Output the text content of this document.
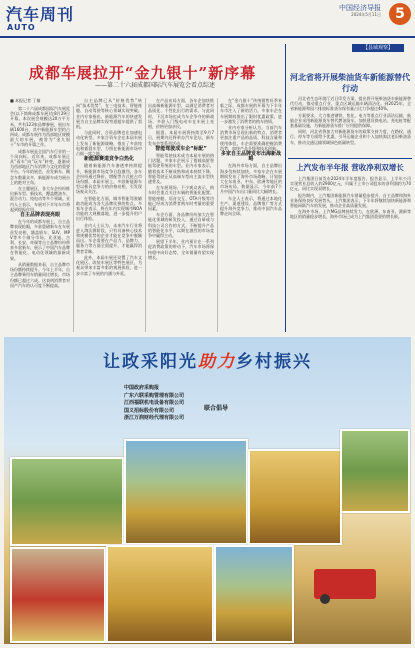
汽车周刊
AUTO
中国经济导报
2024年5月11日	5
成都车展拉开“金九银十”新序幕
——第二十六届成都国际汽车展览会看点综述
■ 本报记者 丁楠

第二十六届成都国际汽车展览会(以下简称成都车展)在8月29日开幕。本次展会规模达20万平方米，共有123家品牌参展，展出车辆1600台，其中新能源车型约占四成。成都车展作为西部地区规模最大的车展，被誉为“金九银十”车市的开篇之作。

成都车展是全国汽车行业的一个风向标。近年来，成都车展正从“看车”向“玩车”转变，逐渐成为西部地区汽车消费与文化的重要平台。今年的展会，首发新车、概念车数量众多，新能源车成为展台上的绝对主角。

在主题展区，各大车企纷纷推出新车型、新技术，覆盖燃油车、混合动力、纯电动等多个领域。业内人士表示，车展对下半年车市将起到提振作用。

自主品牌表现亮眼

在今年的成都车展上，自主品牌表现抢眼，多款重磅新车在车展首发亮相，涵盖轿车、SUV、MPV等多个细分市场。比亚迪、吉利、长安、奇瑞等自主品牌纷纷带来多款新车，展示了中国汽车品牌在智能化、电动化领域的最新成果。

从销量数据来看，自主品牌市场份额持续提升。今年上半年，自主品牌乘用车销量同比增长，市场份额已超过六成。这表明消费者对国产汽车的认可度不断提高。

自主品牌已从“价格优势”转向“技术优势”，在三电技术、智能座舱、自动驾驶等核心领域实现突破。业内专家指出，新能源汽车的快速发展为自主品牌实现弯道超车提供了契机。

与此同时，合资品牌也在加速电动化转型。多家合资车企在本届车展上发布了新能源战略，推出了多款纯电和插混车型，力图在新能源市场中占据一席之地。

新能源赛道竞争白热化

随着新能源汽车渗透率持续提升，新能源市场竞争日趋激烈。各车企纷纷通过降价、增配等方式抢占市场份额。本届车展上，多款新能源车型以极具竞争力的价格亮相，引发现场观众关注。

在智能化方面，城市智能驾驶辅助功能成为各大品牌比拼的焦点。多家车企表示，将在年内实现城市NOA功能的大规模落地，进一步提升用户出行体验。

业内人士认为，未来汽车行业将进入淘汰赛阶段，只有具备核心技术和规模优势的企业才能在竞争中脱颖而出。车企需要在产品力、品牌力、服务力等方面全面提升，才能赢得消费者青睐。

此外，本届车展还设置了汽车文化展区、改装车展区等特色展区，为观众带来丰富多彩的观展体验，进一步丰富了车展的内涵与外延。

在产品布局方面，各车企加快推出高端新能源车型，以满足消费者对品质化、个性化出行的需求。与此同时，下沉市场也成为车企争夺的新战场，多款入门级电动车在车展上亮相，价格更加亲民。

据悉，本届车展将持续至9月7日，展期内还将举办汽车论坛、新车发布会等系列活动。

智能驾驶成车企“标配”

智能驾驶技术成为本届车展的热门话题。多家车企展示了搭载高阶智能驾驶系统的车型。业内专家表示，随着技术不断成熟和成本持续下降，智能驾驶正从高端车型向主流车型快速普及。

在车展现场，不少观众表示，购车时会重点关注车辆的智能化配置。智能座舱、语音交互、OTA升级等功能已经成为消费者购车时考量的重要因素。

车企方面，各品牌纷纷加大在智能化领域的研发投入，通过自研或与科技公司合作的方式，不断提升产品的智能化水平，以期在激烈的市场竞争中赢得主动。

展望下半年，业内预计在一系列促消费政策的带动下，汽车市场将保持稳中向好态势，全年销量有望实现增长。

在“金九银十”传统销售旺季来临之际，成都车展的开幕为下半年车市注入了新的活力。多家车企在车展期间推出了限时优惠政策，进一步激发了消费者的购车热情。

业内专家分析认为，当前汽车消费市场呈现出新的特点，消费者更加注重产品的品质、科技含量和使用体验。车企需要准确把握消费趋势，加快产品升级和技术创新。

多家自主品牌发布出海新战略

在海外市场方面，自主品牌出海步伐持续加快。多家车企在车展期间发布了海外市场战略，计划加大在东南亚、中东、欧洲等地区的市场布局。数据显示，今年前7个月中国汽车出口量同比大幅增长。

车企人士表示，将通过本地化生产、渠道建设、品牌推广等方式提升海外竞争力，推动中国汽车品牌走向全球。

【县域观察】
河北省将开展柴油货车新能源替代行动

河北省生态环境厅近日印发方案，提出将开展柴油货车新能源替代行动，推动重点行业、重点区域运输车辆清洁化。到2025年，全省新能源和国六排放标准货车保有量占比力争超过40%。

方案要求，大力推进钢铁、焦化、电力等重点行业清洁运输，鼓励企业采用新能源货车替代燃油货车。加快建设换电站、充电桩等配套基础设施，为新能源货车推广应用提供保障。

同时，河北省将加大对新能源货车的政策支持力度，在路权、通行、停车等方面给予优惠，引导运输企业和个人加快淘汰老旧柴油货车，推动交通运输领域绿色低碳转型。

上汽发布半年报 营收净利双增长

上汽集团日前发布2024年半年度报告。报告显示，上半年公司实现营业总收入约2900亿元，归属于上市公司股东的净利润约为70亿元，同比实现双增长。

报告期内，上汽集团新能源汽车销量稳步提升，自主品牌和海外业务保持良好发展势头。上汽集团表示，下半年将继续加快新能源和智能网联汽车的发展，推动企业高质量发展。

在海外市场，上汽MG品牌持续发力，在欧洲、东南亚、澳新等地区的销量稳步增长，海外市场已成为上汽集团重要的增长极。

让政采阳光助力乡村振兴
中国政府采购报
广东六联采购管理有限公司
江西福联机电设备有限公司
国义招标股份有限公司
浙江万润财经代理有限公司
联合倡导
